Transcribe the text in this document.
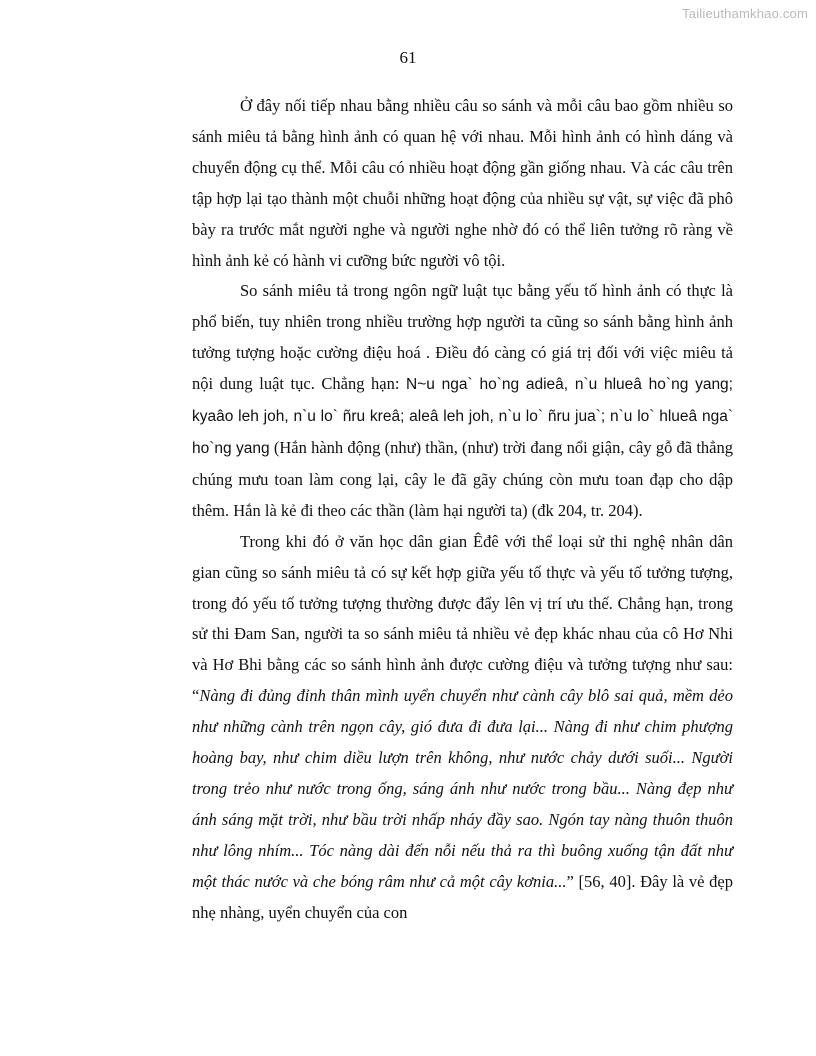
Tailieuthamkhao.com
61

Ở đây nối tiếp nhau bằng nhiều câu so sánh và mỗi câu bao gồm nhiều so sánh miêu tả bằng hình ảnh có quan hệ với nhau. Mỗi hình ảnh có hình dáng và chuyển động cụ thể. Mỗi câu có nhiều hoạt động gần giống nhau. Và các câu trên tập hợp lại tạo thành một chuỗi những hoạt động của nhiều sự vật, sự việc đã phô bày ra trước mắt người nghe và người nghe nhờ đó có thể liên tưởng rõ ràng về hình ảnh kẻ có hành vi cưỡng bức người vô tội.

So sánh miêu tả trong ngôn ngữ luật tục bằng yếu tố hình ảnh có thực là phổ biến, tuy nhiên trong nhiều trường hợp người ta cũng so sánh bằng hình ảnh tưởng tượng hoặc cường điệu hoá . Điều đó càng có giá trị đối với việc miêu tả nội dung luật tục. Chẳng hạn: N~u nga` ho`ng adieâ, n`u hlueâ ho`ng yang; kyaâo leh joh, n`u lo` ñru kreâ; aleâ leh joh, n`u lo` ñru jua`; n`u lo` hlueâ nga` ho`ng yang (Hắn hành động (như) thần, (như) trời đang nổi giận, cây gỗ đã thẳng chúng mưu toan làm cong lại, cây le đã gãy chúng còn mưu toan đạp cho dập thêm. Hắn là kẻ đi theo các thần (làm hại người ta) (đk 204, tr. 204).

Trong khi đó ở văn học dân gian Êđê với thể loại sử thi nghệ nhân dân gian cũng so sánh miêu tả có sự kết hợp giữa yếu tố thực và yếu tố tưởng tượng, trong đó yếu tố tưởng tượng thường được đẩy lên vị trí ưu thế. Chẳng hạn, trong sử thi Đam San, người ta so sánh miêu tả nhiều vẻ đẹp khác nhau của cô Hơ Nhi và Hơ Bhi bằng các so sánh hình ảnh được cường điệu và tưởng tượng như sau: “Nàng đi đủng đỉnh thân mình uyển chuyển như cành cây blô sai quả, mềm dẻo như những cành trên ngọn cây, gió đưa đi đưa lại... Nàng đi như chim phượng hoàng bay, như chim diều lượn trên không, như nước chảy dưới suối... Người trong trẻo như nước trong ống, sáng ánh như nước trong bầu... Nàng đẹp như ánh sáng mặt trời, như bầu trời nhấp nháy đầy sao. Ngón tay nàng thuôn thuôn như lông nhím... Tóc nàng dài đến nỗi nếu thả ra thì buông xuống tận đất như một thác nước và che bóng râm như cả một cây kơnia...” [56, 40]. Đây là vẻ đẹp nhẹ nhàng, uyển chuyển của con
